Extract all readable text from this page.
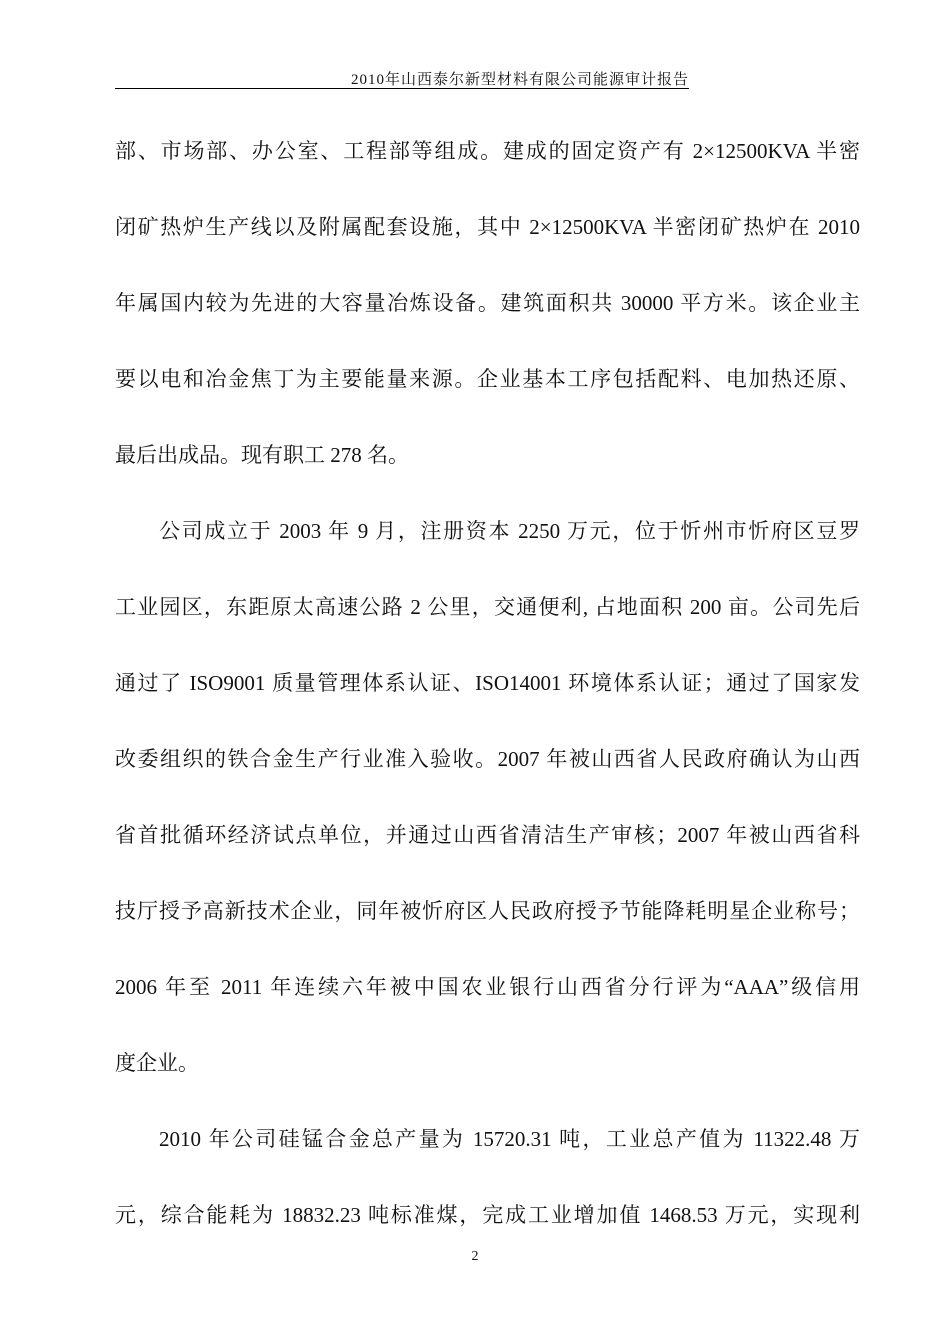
2010年山西泰尔新型材料有限公司能源审计报告
部、市场部、办公室、工程部等组成。建成的固定资产有 2×12500KVA 半密
闭矿热炉生产线以及附属配套设施，其中 2×12500KVA 半密闭矿热炉在 2010
年属国内较为先进的大容量冶炼设备。建筑面积共 30000 平方米。该企业主
要以电和冶金焦丁为主要能量来源。企业基本工序包括配料、电加热还原、
最后出成品。现有职工 278 名。
公司成立于 2003 年 9 月，注册资本 2250 万元，位于忻州市忻府区豆罗
工业园区，东距原太高速公路 2 公里，交通便利, 占地面积 200 亩。公司先后
通过了 ISO9001 质量管理体系认证、ISO14001 环境体系认证；通过了国家发
改委组织的铁合金生产行业准入验收。2007 年被山西省人民政府确认为山西
省首批循环经济试点单位，并通过山西省清洁生产审核；2007 年被山西省科
技厅授予高新技术企业，同年被忻府区人民政府授予节能降耗明星企业称号；
2006 年至 2011 年连续六年被中国农业银行山西省分行评为“AAA”级信用
度企业。
2010 年公司硅锰合金总产量为 15720.31 吨，工业总产值为 11322.48 万
元，综合能耗为 18832.23 吨标准煤，完成工业增加值 1468.53 万元，实现利
2
